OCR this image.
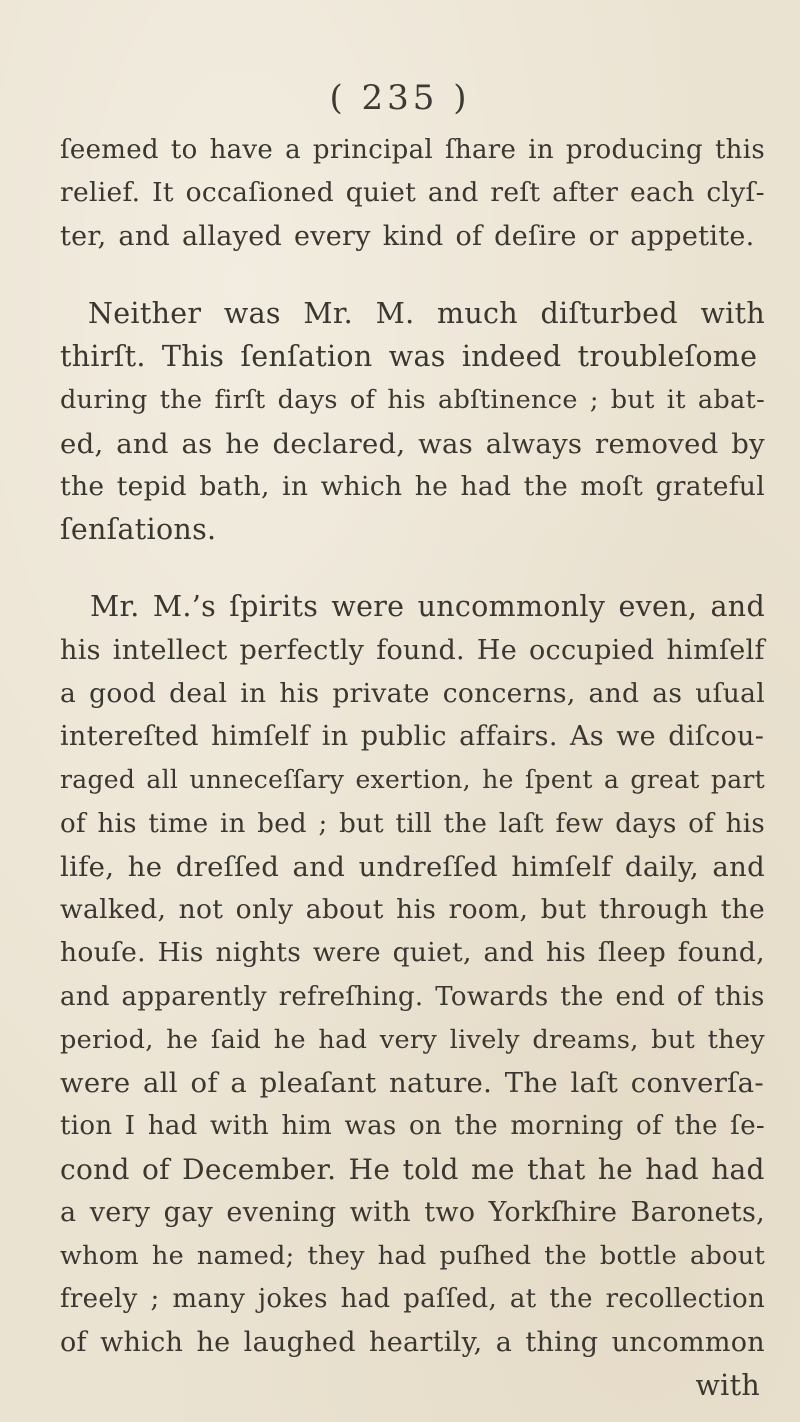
( 235 )
ſeemed to have a principal ſhare in producing this
relief. It occaſioned quiet and reſt after each clyſ-
ter, and allayed every kind of deſire or appetite.
Neither was Mr. M. much diſturbed with
thirſt. This ſenſation was indeed troubleſome
during the firſt days of his abſtinence ; but it abat-
ed, and as he declared, was always removed by
the tepid bath, in which he had the moſt grateful
ſenſations.
Mr. M.’s ſpirits were uncommonly even, and
his intellect perfectly found. He occupied himſelf
a good deal in his private concerns, and as uſual
intereſted himſelf in public affairs. As we diſcou-
raged all unneceſſary exertion, he ſpent a great part
of his time in bed ; but till the laſt few days of his
life, he dreſſed and undreſſed himſelf daily, and
walked, not only about his room, but through the
houſe. His nights were quiet, and his ſleep found,
and apparently refreſhing. Towards the end of this
period, he ſaid he had very lively dreams, but they
were all of a pleaſant nature. The laſt converſa-
tion I had with him was on the morning of the ſe-
cond of December. He told me that he had had
a very gay evening with two Yorkſhire Baronets,
whom he named; they had puſhed the bottle about
freely ; many jokes had paſſed, at the recollection
of which he laughed heartily, a thing uncommon
with
